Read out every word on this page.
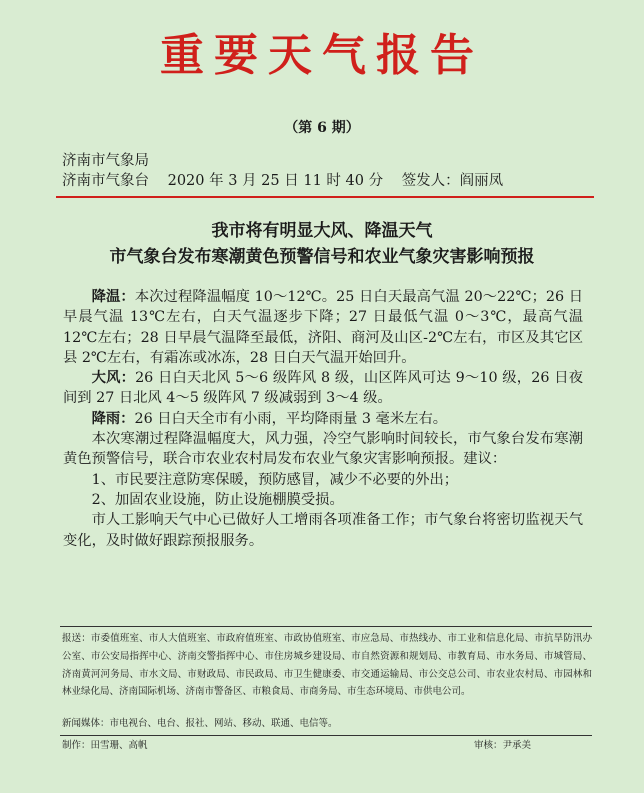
重要天气报告
（第 6 期）
济南市气象局
济南市气象台 2020 年 3 月 25 日 11 时 40 分 签发人：阎丽凤
我市将有明显大风、降温天气
市气象台发布寒潮黄色预警信号和农业气象灾害影响预报

降温：本次过程降温幅度 10～12℃。25 日白天最高气温 20～22℃；26 日早晨气温 13℃左右，白天气温逐步下降；27 日最低气温 0～3℃，最高气温 12℃左右；28 日早晨气温降至最低，济阳、商河及山区-2℃左右，市区及其它区县 2℃左右，有霜冻或冰冻，28 日白天气温开始回升。

大风：26 日白天北风 5～6 级阵风 8 级，山区阵风可达 9～10 级，26 日夜间到 27 日北风 4～5 级阵风 7 级减弱到 3～4 级。

降雨：26 日白天全市有小雨，平均降雨量 3 毫米左右。

本次寒潮过程降温幅度大，风力强，冷空气影响时间较长，市气象台发布寒潮黄色预警信号，联合市农业农村局发布农业气象灾害影响预报。建议：

1、市民要注意防寒保暖，预防感冒，减少不必要的外出；

2、加固农业设施，防止设施棚膜受损。

市人工影响天气中心已做好人工增雨各项准备工作；市气象台将密切监视天气变化，及时做好跟踪预报服务。

报送：市委值班室、市人大值班室、市政府值班室、市政协值班室、市应急局、市热线办、市工业和信息化局、市抗旱防汛办公室、市公安局指挥中心、济南交警指挥中心、市住房城乡建设局、市自然资源和规划局、市教育局、市水务局、市城管局、济南黄河河务局、市水文局、市财政局、市民政局、市卫生健康委、市交通运输局、市公交总公司、市农业农村局、市园林和林业绿化局、济南国际机场、济南市警备区、市粮食局、市商务局、市生态环境局、市供电公司。
新闻媒体：市电视台、电台、报社、网站、移动、联通、电信等。
制作：田雪珊、高帆	审核：尹承美
